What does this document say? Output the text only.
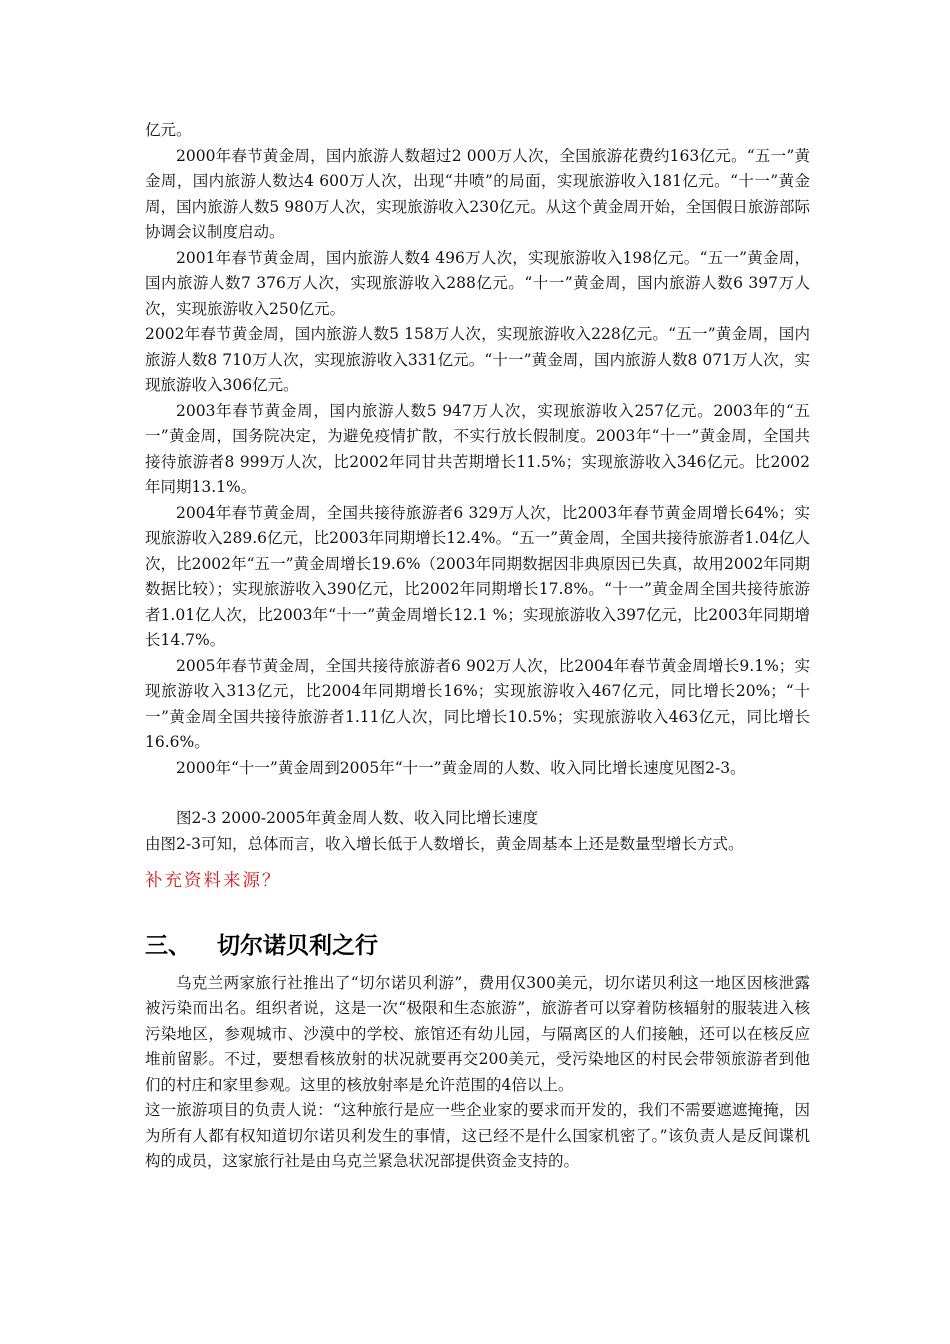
亿元。

2000年春节黄金周，国内旅游人数超过2 000万人次，全国旅游花费约163亿元。“五一”黄金周，国内旅游人数达4 600万人次，出现“井喷”的局面，实现旅游收入181亿元。“十一”黄金周，国内旅游人数5 980万人次，实现旅游收入230亿元。从这个黄金周开始，全国假日旅游部际协调会议制度启动。

2001年春节黄金周，国内旅游人数4 496万人次，实现旅游收入198亿元。“五一”黄金周，国内旅游人数7 376万人次，实现旅游收入288亿元。“十一”黄金周，国内旅游人数6 397万人次，实现旅游收入250亿元。

2002年春节黄金周，国内旅游人数5 158万人次，实现旅游收入228亿元。“五一”黄金周，国内旅游人数8 710万人次，实现旅游收入331亿元。“十一”黄金周，国内旅游人数8 071万人次，实现旅游收入306亿元。

2003年春节黄金周，国内旅游人数5 947万人次，实现旅游收入257亿元。2003年的“五一”黄金周，国务院决定，为避免疫情扩散，不实行放长假制度。2003年“十一”黄金周，全国共接待旅游者8 999万人次，比2002年同甘共苦期增长11.5%；实现旅游收入346亿元。比2002年同期13.1%。

2004年春节黄金周，全国共接待旅游者6 329万人次，比2003年春节黄金周增长64%；实现旅游收入289.6亿元，比2003年同期增长12.4%。“五一”黄金周，全国共接待旅游者1.04亿人次，比2002年“五一”黄金周增长19.6%（2003年同期数据因非典原因已失真，故用2002年同期数据比较）；实现旅游收入390亿元，比2002年同期增长17.8%。“十一”黄金周全国共接待旅游者1.01亿人次，比2003年“十一”黄金周增长12.1 %；实现旅游收入397亿元，比2003年同期增长14.7%。

2005年春节黄金周，全国共接待旅游者6 902万人次，比2004年春节黄金周增长9.1%；实现旅游收入313亿元，比2004年同期增长16%；实现旅游收入467亿元，同比增长20%；“十一”黄金周全国共接待旅游者1.11亿人次，同比增长10.5%；实现旅游收入463亿元，同比增长16.6%。

2000年“十一”黄金周到2005年“十一”黄金周的人数、收入同比增长速度见图2-3。

图2-3 2000-2005年黄金周人数、收入同比增长速度

由图2-3可知，总体而言，收入增长低于人数增长，黄金周基本上还是数量型增长方式。

补充资料来源？

三、 切尔诺贝利之行

乌克兰两家旅行社推出了“切尔诺贝利游”，费用仅300美元，切尔诺贝利这一地区因核泄露被污染而出名。组织者说，这是一次“极限和生态旅游”，旅游者可以穿着防核辐射的服装进入核污染地区，参观城市、沙漠中的学校、旅馆还有幼儿园，与隔离区的人们接触，还可以在核反应堆前留影。不过，要想看核放射的状况就要再交200美元，受污染地区的村民会带领旅游者到他们的村庄和家里参观。这里的核放射率是允许范围的4倍以上。

这一旅游项目的负责人说：“这种旅行是应一些企业家的要求而开发的，我们不需要遮遮掩掩，因为所有人都有权知道切尔诺贝利发生的事情，这已经不是什么国家机密了。”该负责人是反间谍机构的成员，这家旅行社是由乌克兰紧急状况部提供资金支持的。
